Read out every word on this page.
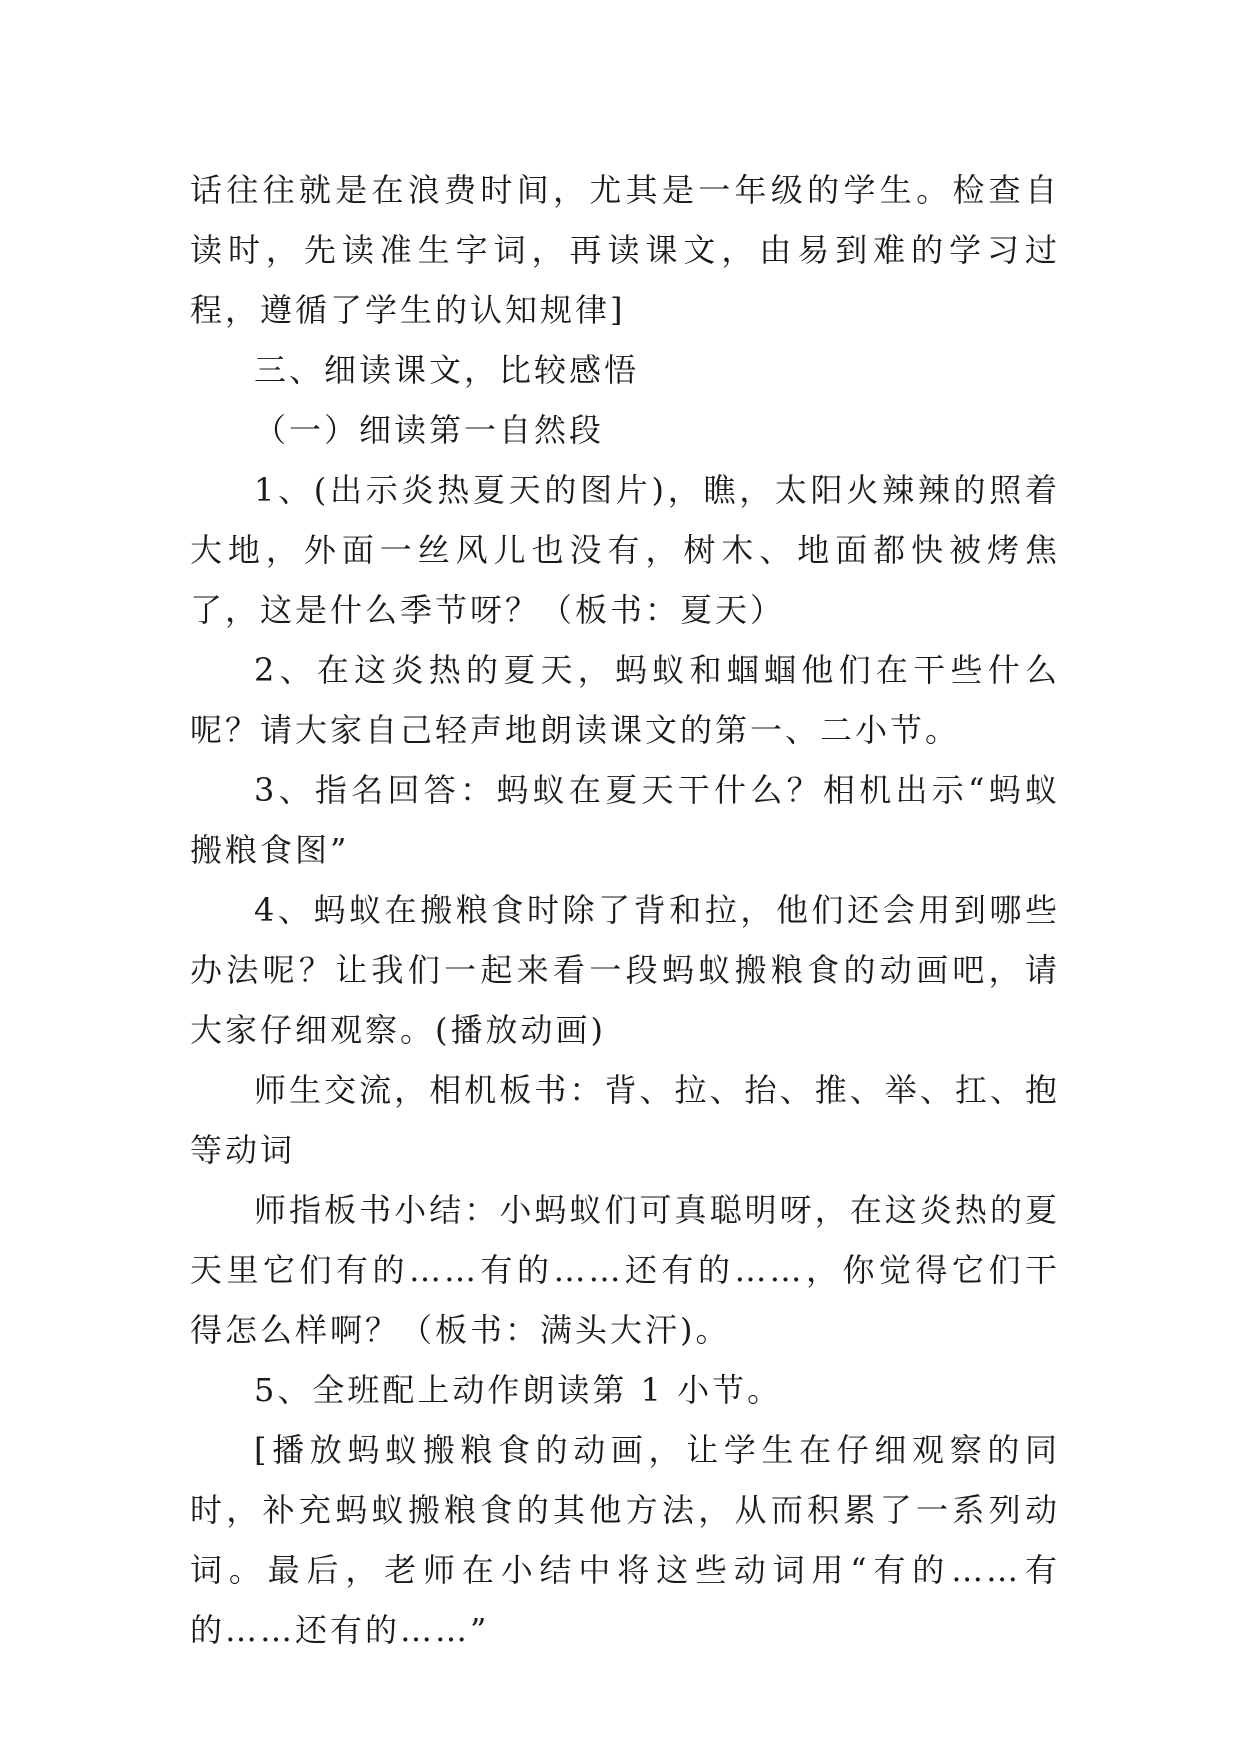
话往往就是在浪费时间，尤其是一年级的学生。检查自读时，先读准生字词，再读课文，由易到难的学习过程，遵循了学生的认知规律]

三、细读课文，比较感悟

（一）细读第一自然段

1、(出示炎热夏天的图片)，瞧，太阳火辣辣的照着大地，外面一丝风儿也没有，树木、地面都快被烤焦了，这是什么季节呀？（板书：夏天）

2、在这炎热的夏天，蚂蚁和蝈蝈他们在干些什么呢？请大家自己轻声地朗读课文的第一、二小节。

3、指名回答：蚂蚁在夏天干什么？相机出示“蚂蚁搬粮食图”

4、蚂蚁在搬粮食时除了背和拉，他们还会用到哪些办法呢？让我们一起来看一段蚂蚁搬粮食的动画吧，请大家仔细观察。(播放动画)

师生交流，相机板书：背、拉、抬、推、举、扛、抱等动词

师指板书小结：小蚂蚁们可真聪明呀，在这炎热的夏天里它们有的……有的……还有的……，你觉得它们干得怎么样啊？（板书：满头大汗)。

5、全班配上动作朗读第 1 小节。

[播放蚂蚁搬粮食的动画，让学生在仔细观察的同时，补充蚂蚁搬粮食的其他方法，从而积累了一系列动词。最后，老师在小结中将这些动词用“有的……有的……还有的……”
